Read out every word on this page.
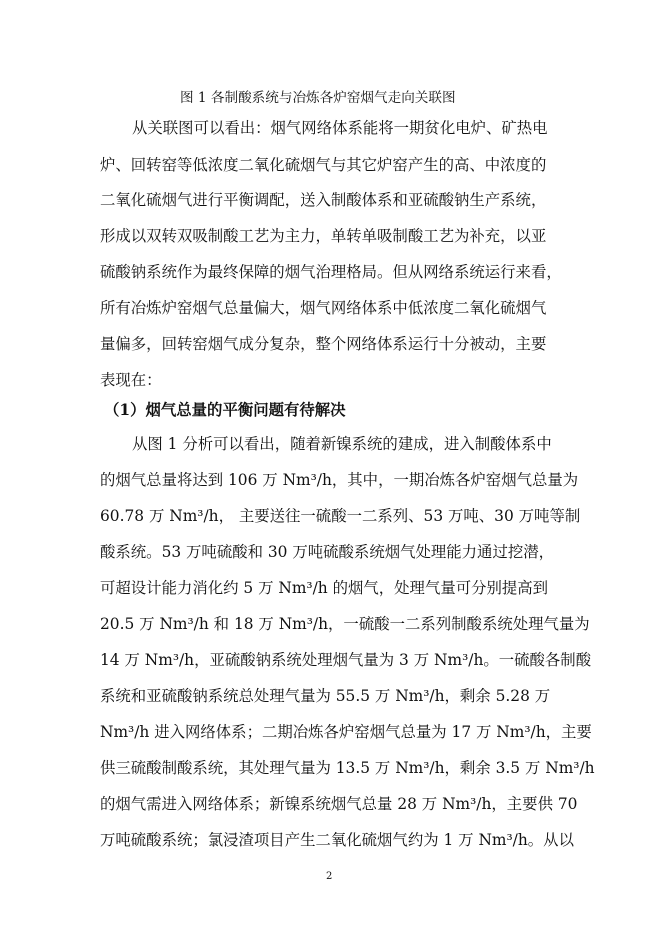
图 1 各制酸系统与冶炼各炉窑烟气走向关联图

从关联图可以看出：烟气网络体系能将一期贫化电炉、矿热电

炉、回转窑等低浓度二氧化硫烟气与其它炉窑产生的高、中浓度的

二氧化硫烟气进行平衡调配，送入制酸体系和亚硫酸钠生产系统，

形成以双转双吸制酸工艺为主力，单转单吸制酸工艺为补充，以亚

硫酸钠系统作为最终保障的烟气治理格局。但从网络系统运行来看，

所有冶炼炉窑烟气总量偏大，烟气网络体系中低浓度二氧化硫烟气

量偏多，回转窑烟气成分复杂，整个网络体系运行十分被动，主要

表现在：

（1）烟气总量的平衡问题有待解决

从图 1 分析可以看出，随着新镍系统的建成，进入制酸体系中

的烟气总量将达到 106 万 Nm³/h，其中，一期冶炼各炉窑烟气总量为

60.78 万 Nm³/h， 主要送往一硫酸一二系列、53 万吨、30 万吨等制

酸系统。53 万吨硫酸和 30 万吨硫酸系统烟气处理能力通过挖潜，

可超设计能力消化约 5 万 Nm³/h 的烟气，处理气量可分别提高到

20.5 万 Nm³/h 和 18 万 Nm³/h，一硫酸一二系列制酸系统处理气量为

14 万 Nm³/h，亚硫酸钠系统处理烟气量为 3 万 Nm³/h。一硫酸各制酸

系统和亚硫酸钠系统总处理气量为 55.5 万 Nm³/h，剩余 5.28 万

Nm³/h 进入网络体系；二期冶炼各炉窑烟气总量为 17 万 Nm³/h，主要

供三硫酸制酸系统，其处理气量为 13.5 万 Nm³/h，剩余 3.5 万 Nm³/h

的烟气需进入网络体系；新镍系统烟气总量 28 万 Nm³/h，主要供 70

万吨硫酸系统；氯浸渣项目产生二氧化硫烟气约为 1 万 Nm³/h。从以

2
